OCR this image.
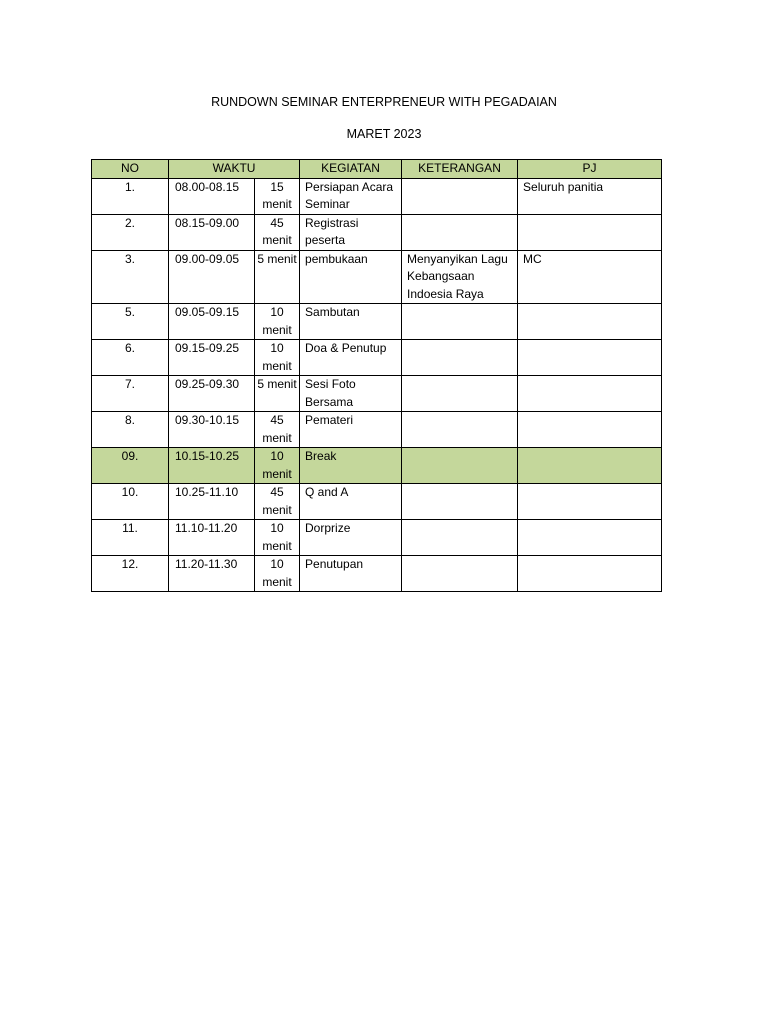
RUNDOWN SEMINAR ENTERPRENEUR WITH PEGADAIAN
MARET 2023
NO	WAKTU		KEGIATAN	KETERANGAN	PJ
1.	08.00-08.15	15 menit	Persiapan Acara Seminar		Seluruh panitia
2.	08.15-09.00	45 menit	Registrasi peserta		
3.	09.00-09.05	5 menit	pembukaan	Menyanyikan Lagu Kebangsaan Indoesia Raya	MC
5.	09.05-09.15	10 menit	Sambutan		
6.	09.15-09.25	10 menit	Doa & Penutup		
7.	09.25-09.30	5 menit	Sesi Foto Bersama		
8.	09.30-10.15	45 menit	Pemateri		
09.	10.15-10.25	10 menit	Break		
10.	10.25-11.10	45 menit	Q and A		
11.	11.10-11.20	10 menit	Dorprize		
12.	11.20-11.30	10 menit	Penutupan		
